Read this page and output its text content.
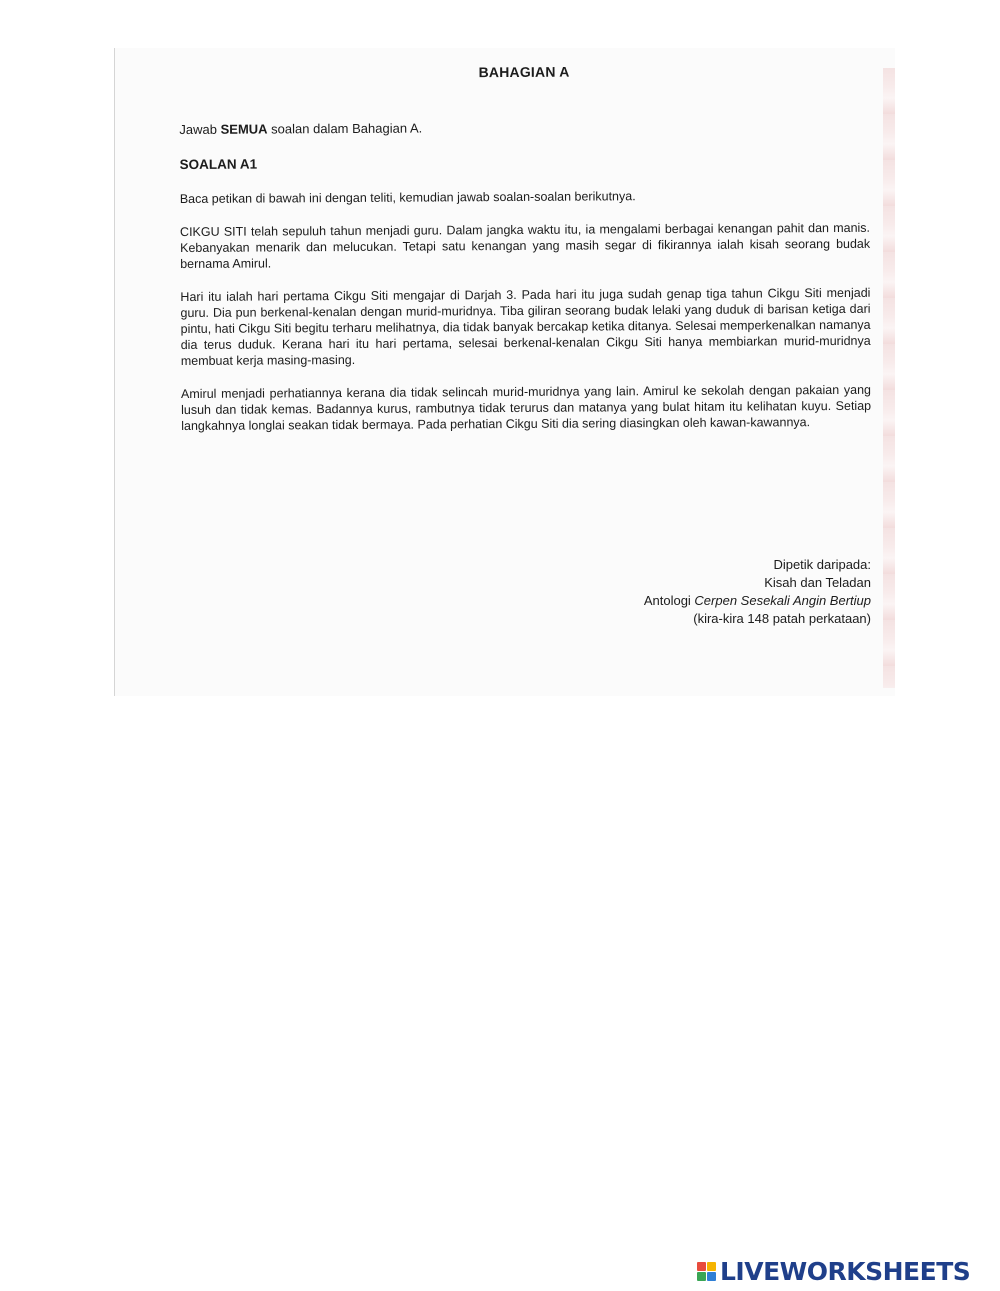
BAHAGIAN A
Jawab SEMUA soalan dalam Bahagian A.
SOALAN A1
Baca petikan di bawah ini dengan teliti, kemudian jawab soalan-soalan berikutnya.

CIKGU SITI telah sepuluh tahun menjadi guru. Dalam jangka waktu itu, ia mengalami berbagai kenangan pahit dan manis. Kebanyakan menarik dan melucukan. Tetapi satu kenangan yang masih segar di fikirannya ialah kisah seorang budak bernama Amirul.

Hari itu ialah hari pertama Cikgu Siti mengajar di Darjah 3. Pada hari itu juga sudah genap tiga tahun Cikgu Siti menjadi guru. Dia pun berkenal-kenalan dengan murid-muridnya. Tiba giliran seorang budak lelaki yang duduk di barisan ketiga dari pintu, hati Cikgu Siti begitu terharu melihatnya, dia tidak banyak bercakap ketika ditanya. Selesai memperkenalkan namanya dia terus duduk. Kerana hari itu hari pertama, selesai berkenal-kenalan Cikgu Siti hanya membiarkan murid-muridnya membuat kerja masing-masing.

Amirul menjadi perhatiannya kerana dia tidak selincah murid-muridnya yang lain. Amirul ke sekolah dengan pakaian yang lusuh dan tidak kemas. Badannya kurus, rambutnya tidak terurus dan matanya yang bulat hitam itu kelihatan kuyu. Setiap langkahnya longlai seakan tidak bermaya. Pada perhatian Cikgu Siti dia sering diasingkan oleh kawan-kawannya.

Dipetik daripada:
Kisah dan Teladan
Antologi Cerpen Sesekali Angin Bertiup
(kira-kira 148 patah perkataan)
LIVEWORKSHEETS
